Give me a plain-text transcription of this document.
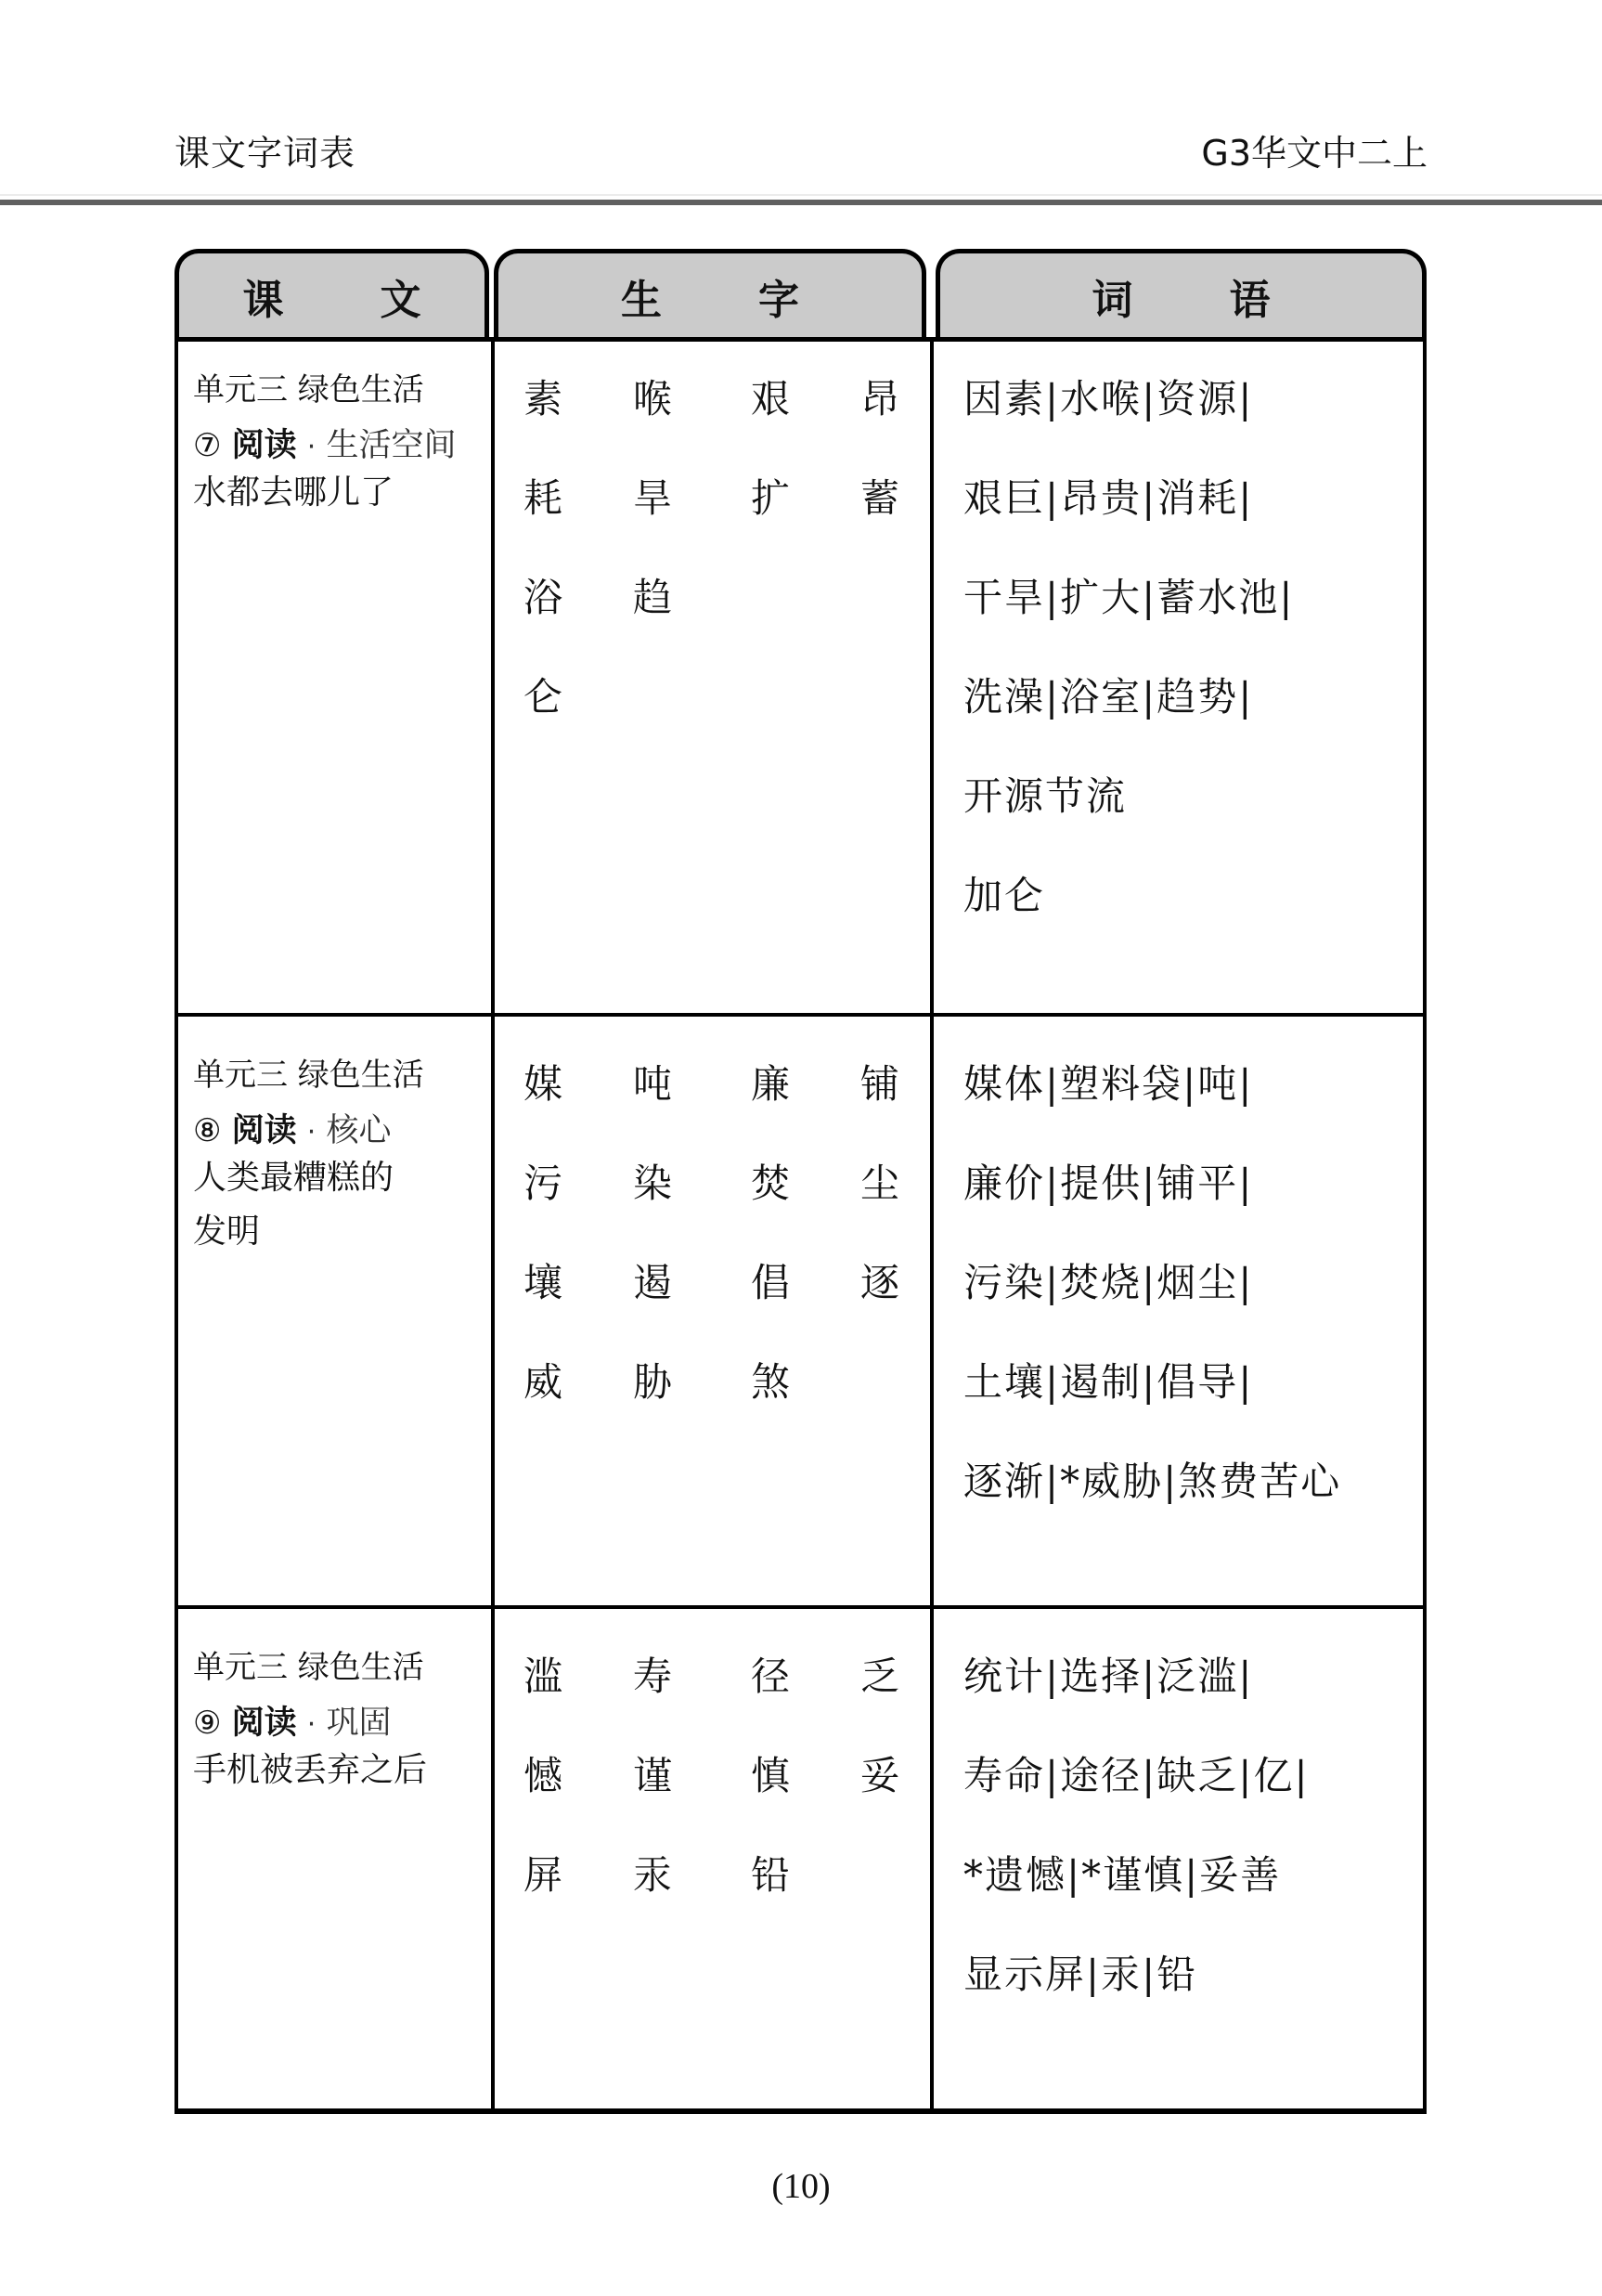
课文字词表	G3华文中二上
课　文	生　字	词　语
单元三 绿色生活
⑦ 阅读 · 生活空间
水都去哪儿了
素	喉	艰	昂
耗	旱	扩	蓄
浴	趋
仑
因素|水喉|资源|
艰巨|昂贵|消耗|
干旱|扩大|蓄水池|
洗澡|浴室|趋势|
开源节流
加仑
单元三 绿色生活
⑧ 阅读 · 核心
人类最糟糕的
发明
媒	吨	廉	铺
污	染	焚	尘
壤	遏	倡	逐
威	胁	煞
媒体|塑料袋|吨|
廉价|提供|铺平|
污染|焚烧|烟尘|
土壤|遏制|倡导|
逐渐|*威胁|煞费苦心
单元三 绿色生活
⑨ 阅读 · 巩固
手机被丢弃之后
滥	寿	径	乏
憾	谨	慎	妥
屏	汞	铅
统计|选择|泛滥|
寿命|途径|缺乏|亿|
*遗憾|*谨慎|妥善
显示屏|汞|铅
(10)
